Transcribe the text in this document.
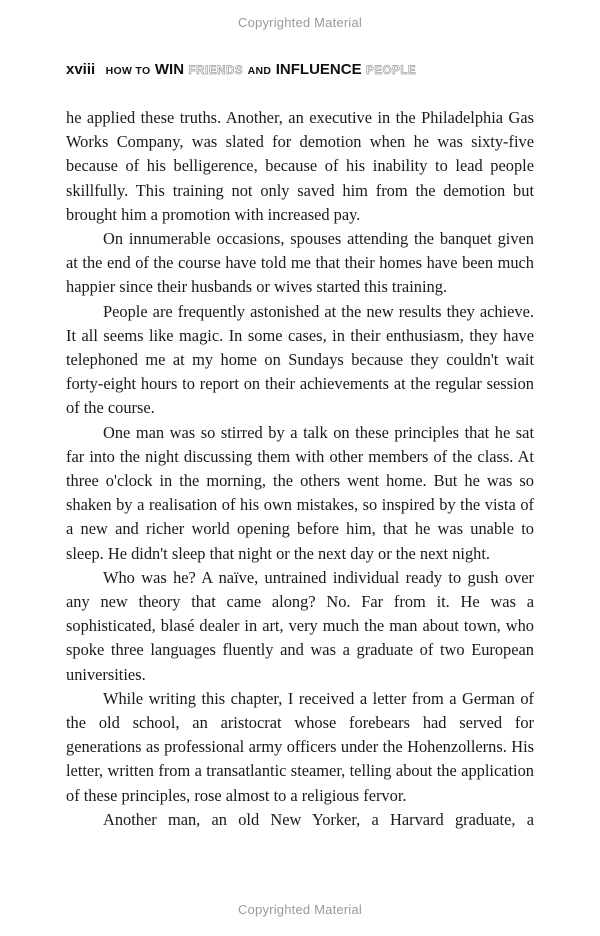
Copyrighted Material
xviii HOW TO WIN FRIENDS AND INFLUENCE PEOPLE

he applied these truths. Another, an executive in the Philadelphia Gas Works Company, was slated for demotion when he was sixty-five because of his belligerence, because of his inability to lead people skillfully. This training not only saved him from the demotion but brought him a promotion with increased pay.

On innumerable occasions, spouses attending the banquet given at the end of the course have told me that their homes have been much happier since their husbands or wives started this training.

People are frequently astonished at the new results they achieve. It all seems like magic. In some cases, in their enthusiasm, they have telephoned me at my home on Sundays because they couldn't wait forty-eight hours to report on their achievements at the regular session of the course.

One man was so stirred by a talk on these principles that he sat far into the night discussing them with other members of the class. At three o'clock in the morning, the others went home. But he was so shaken by a realisation of his own mistakes, so inspired by the vista of a new and richer world opening before him, that he was unable to sleep. He didn't sleep that night or the next day or the next night.

Who was he? A naïve, untrained individual ready to gush over any new theory that came along? No. Far from it. He was a sophisticated, blasé dealer in art, very much the man about town, who spoke three languages fluently and was a graduate of two European universities.

While writing this chapter, I received a letter from a German of the old school, an aristocrat whose forebears had served for generations as professional army officers under the Hohenzollerns. His letter, written from a transatlantic steamer, telling about the application of these principles, rose almost to a religious fervor.

Another man, an old New Yorker, a Harvard graduate, a

Copyrighted Material
